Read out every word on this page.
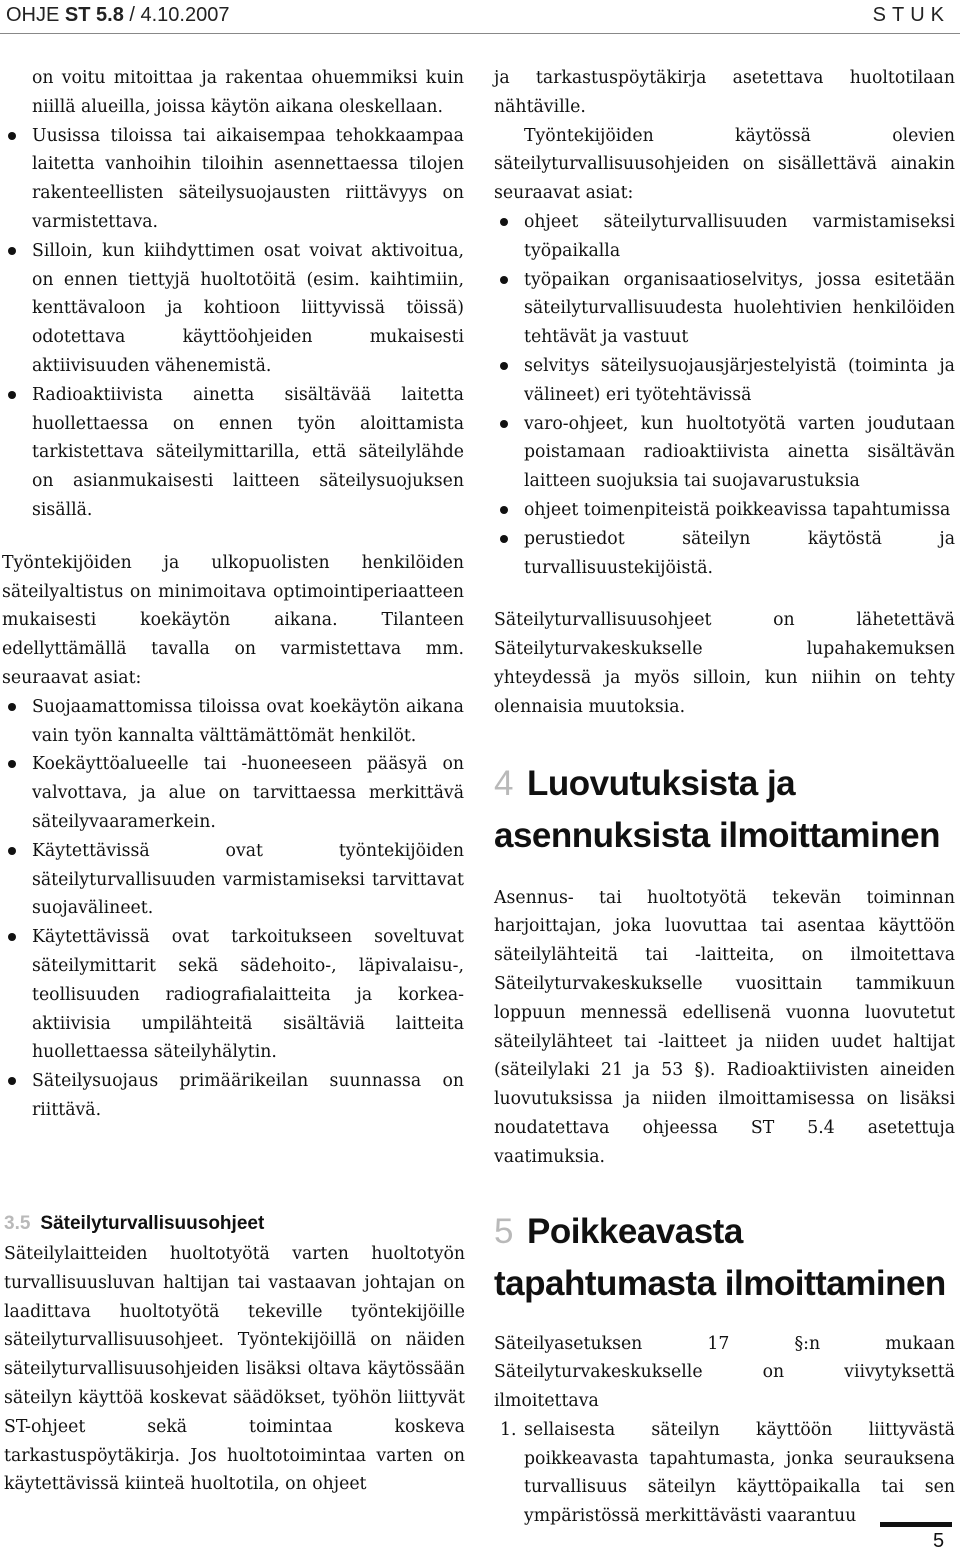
OHJE ST 5.8 / 4.10.2007	STUK

on voitu mitoittaa ja rakentaa ohuemmiksi kuin niillä alueilla, joissa käytön aikana oleskellaan.

Uusissa tiloissa tai aikaisempaa tehokkaampaa laitetta vanhoihin tiloihin asennettaessa tilojen rakenteellisten säteilysuojausten riittävyys on varmistettava.
Silloin, kun kiihdyttimen osat voivat aktivoitua, on ennen tiettyjä huoltotöitä (esim. kaihtimiin, kenttävaloon ja kohtioon liittyvissä töissä) odotettava käyttöohjeiden mukaisesti aktiivisuuden vähenemistä.
Radioaktiivista ainetta sisältävää laitetta huollettaessa on ennen työn aloittamista tarkistettava säteilymittarilla, että säteilylähde on asianmukaisesti laitteen säteilysuojuksen sisällä.

Työntekijöiden ja ulkopuolisten henkilöiden säteilyaltistus on minimoitava optimointiperiaatteen mukaisesti koekäytön aikana. Tilanteen edellyttämällä tavalla on varmistettava mm. seuraavat asiat:

Suojaamattomissa tiloissa ovat koekäytön aikana vain työn kannalta välttämättömät henkilöt.
Koekäyttöalueelle tai -huoneeseen pääsyä on valvottava, ja alue on tarvittaessa merkittävä säteilyvaaramerkein.
Käytettävissä ovat työntekijöiden säteilyturvallisuuden varmistamiseksi tarvittavat suojavälineet.
Käytettävissä ovat tarkoitukseen soveltuvat säteilymittarit sekä sädehoito-, läpivalaisu-, teollisuuden radiografialaitteita ja korkea-aktiivisia umpilähteitä sisältäviä laitteita huollettaessa säteilyhälytin.
Säteilysuojaus primäärikeilan suunnassa on riittävä.
3.5 Säteilyturvallisuusohjeet

Säteilylaitteiden huoltotyötä varten huoltotyön turvallisuusluvan haltijan tai vastaavan johtajan on laadittava huoltotyötä tekeville työntekijöille säteilyturvallisuusohjeet. Työntekijöillä on näiden säteilyturvallisuusohjeiden lisäksi oltava käytössään säteilyn käyttöä koskevat säädökset, työhön liittyvät ST-ohjeet sekä toimintaa koskeva tarkastuspöytäkirja. Jos huoltotoimintaa varten on käytettävissä kiinteä huoltotila, on ohjeet

ja tarkastuspöytäkirja asetettava huoltotilaan nähtäville.

Työntekijöiden käytössä olevien säteilyturvallisuusohjeiden on sisällettävä ainakin seuraavat asiat:

ohjeet säteilyturvallisuuden varmistamiseksi työpaikalla
työpaikan organisaatioselvitys, jossa esitetään säteilyturvallisuudesta huolehtivien henkilöiden tehtävät ja vastuut
selvitys säteilysuojausjärjestelyistä (toiminta ja välineet) eri työtehtävissä
varo-ohjeet, kun huoltotyötä varten joudutaan poistamaan radioaktiivista ainetta sisältävän laitteen suojuksia tai suojavarustuksia
ohjeet toimenpiteistä poikkeavissa tapahtumissa
perustiedot säteilyn käytöstä ja turvallisuustekijöistä.

Säteilyturvallisuusohjeet on lähetettävä Säteilyturvakeskukselle lupahakemuksen yhteydessä ja myös silloin, kun niihin on tehty olennaisia muutoksia.

4 Luovutuksista ja asennuksista ilmoittaminen

Asennus- tai huoltotyötä tekevän toiminnan harjoittajan, joka luovuttaa tai asentaa käyttöön säteilylähteitä tai -laitteita, on ilmoitettava Säteilyturvakeskukselle vuosittain tammikuun loppuun mennessä edellisenä vuonna luovutetut säteilylähteet tai -laitteet ja niiden uudet haltijat (säteilylaki 21 ja 53 §). Radioaktiivisten aineiden luovutuksissa ja niiden ilmoittamisessa on lisäksi noudatettava ohjeessa ST 5.4 asetettuja vaatimuksia.

5 Poikkeavasta tapahtumasta ilmoittaminen

Säteilyasetuksen 17 §:n mukaan Säteilyturvakeskukselle on viivytyksettä ilmoitettava

1. sellaisesta säteilyn käyttöön liittyvästä poikkeavasta tapahtumasta, jonka seurauksena turvallisuus säteilyn käyttöpaikalla tai sen ympäristössä merkittävästi vaarantuu
5
